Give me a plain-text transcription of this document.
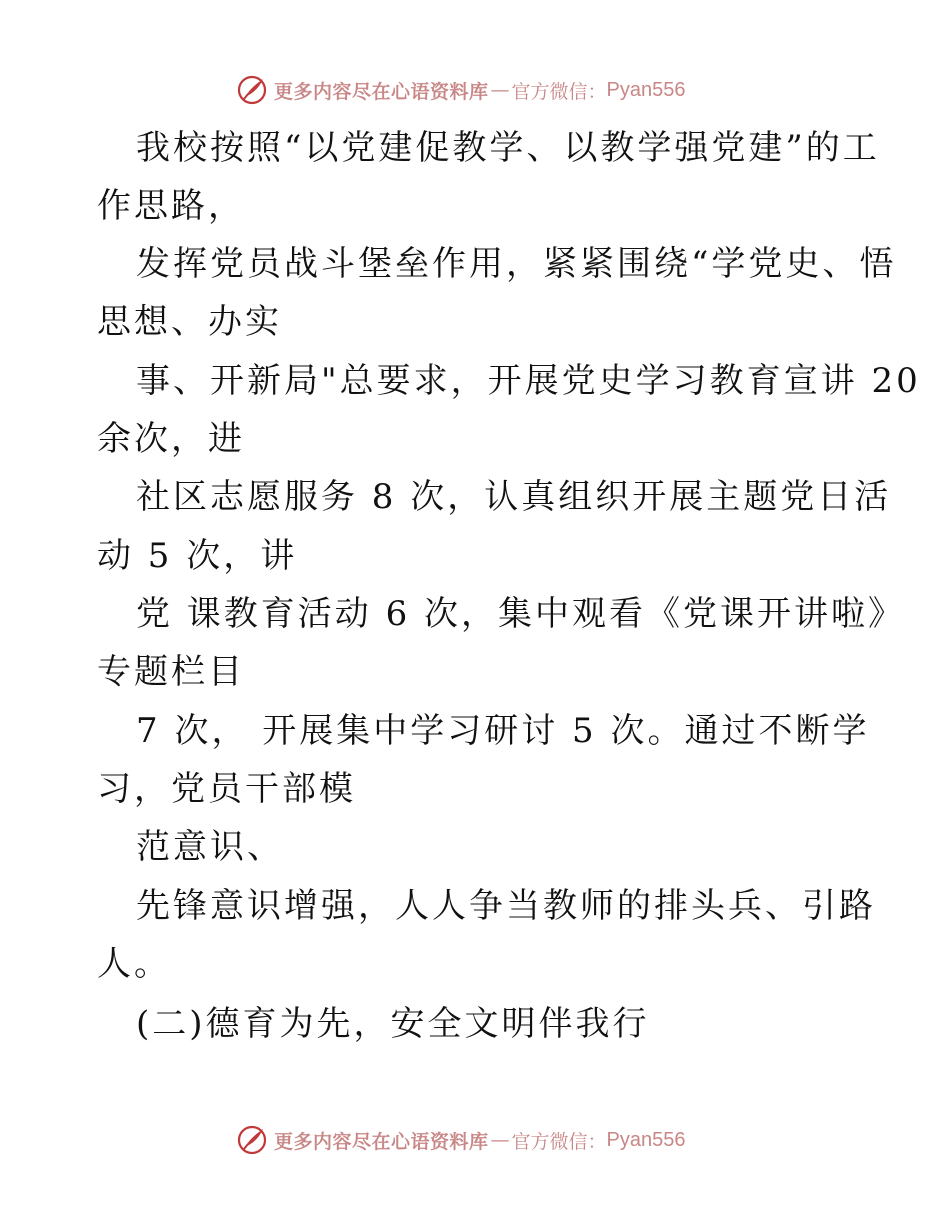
更多内容尽在心语资料库 — 官方微信： Pyan556
我校按照“以党建促教学、以教学强党建”的工
作思路，
发挥党员战斗堡垒作用，紧紧围绕“学党史、悟
思想、办实
事、开新局"总要求，开展党史学习教育宣讲 20
余次，进
社区志愿服务 8 次，认真组织开展主题党日活
动 5 次，讲
党 课教育活动 6 次，集中观看《党课开讲啦》
专题栏目
7 次， 开展集中学习研讨 5 次。通过不断学
习，党员干部模
范意识、
先锋意识增强，人人争当教师的排头兵、引路
人。
(二)德育为先，安全文明伴我行
更多内容尽在心语资料库 — 官方微信： Pyan556
